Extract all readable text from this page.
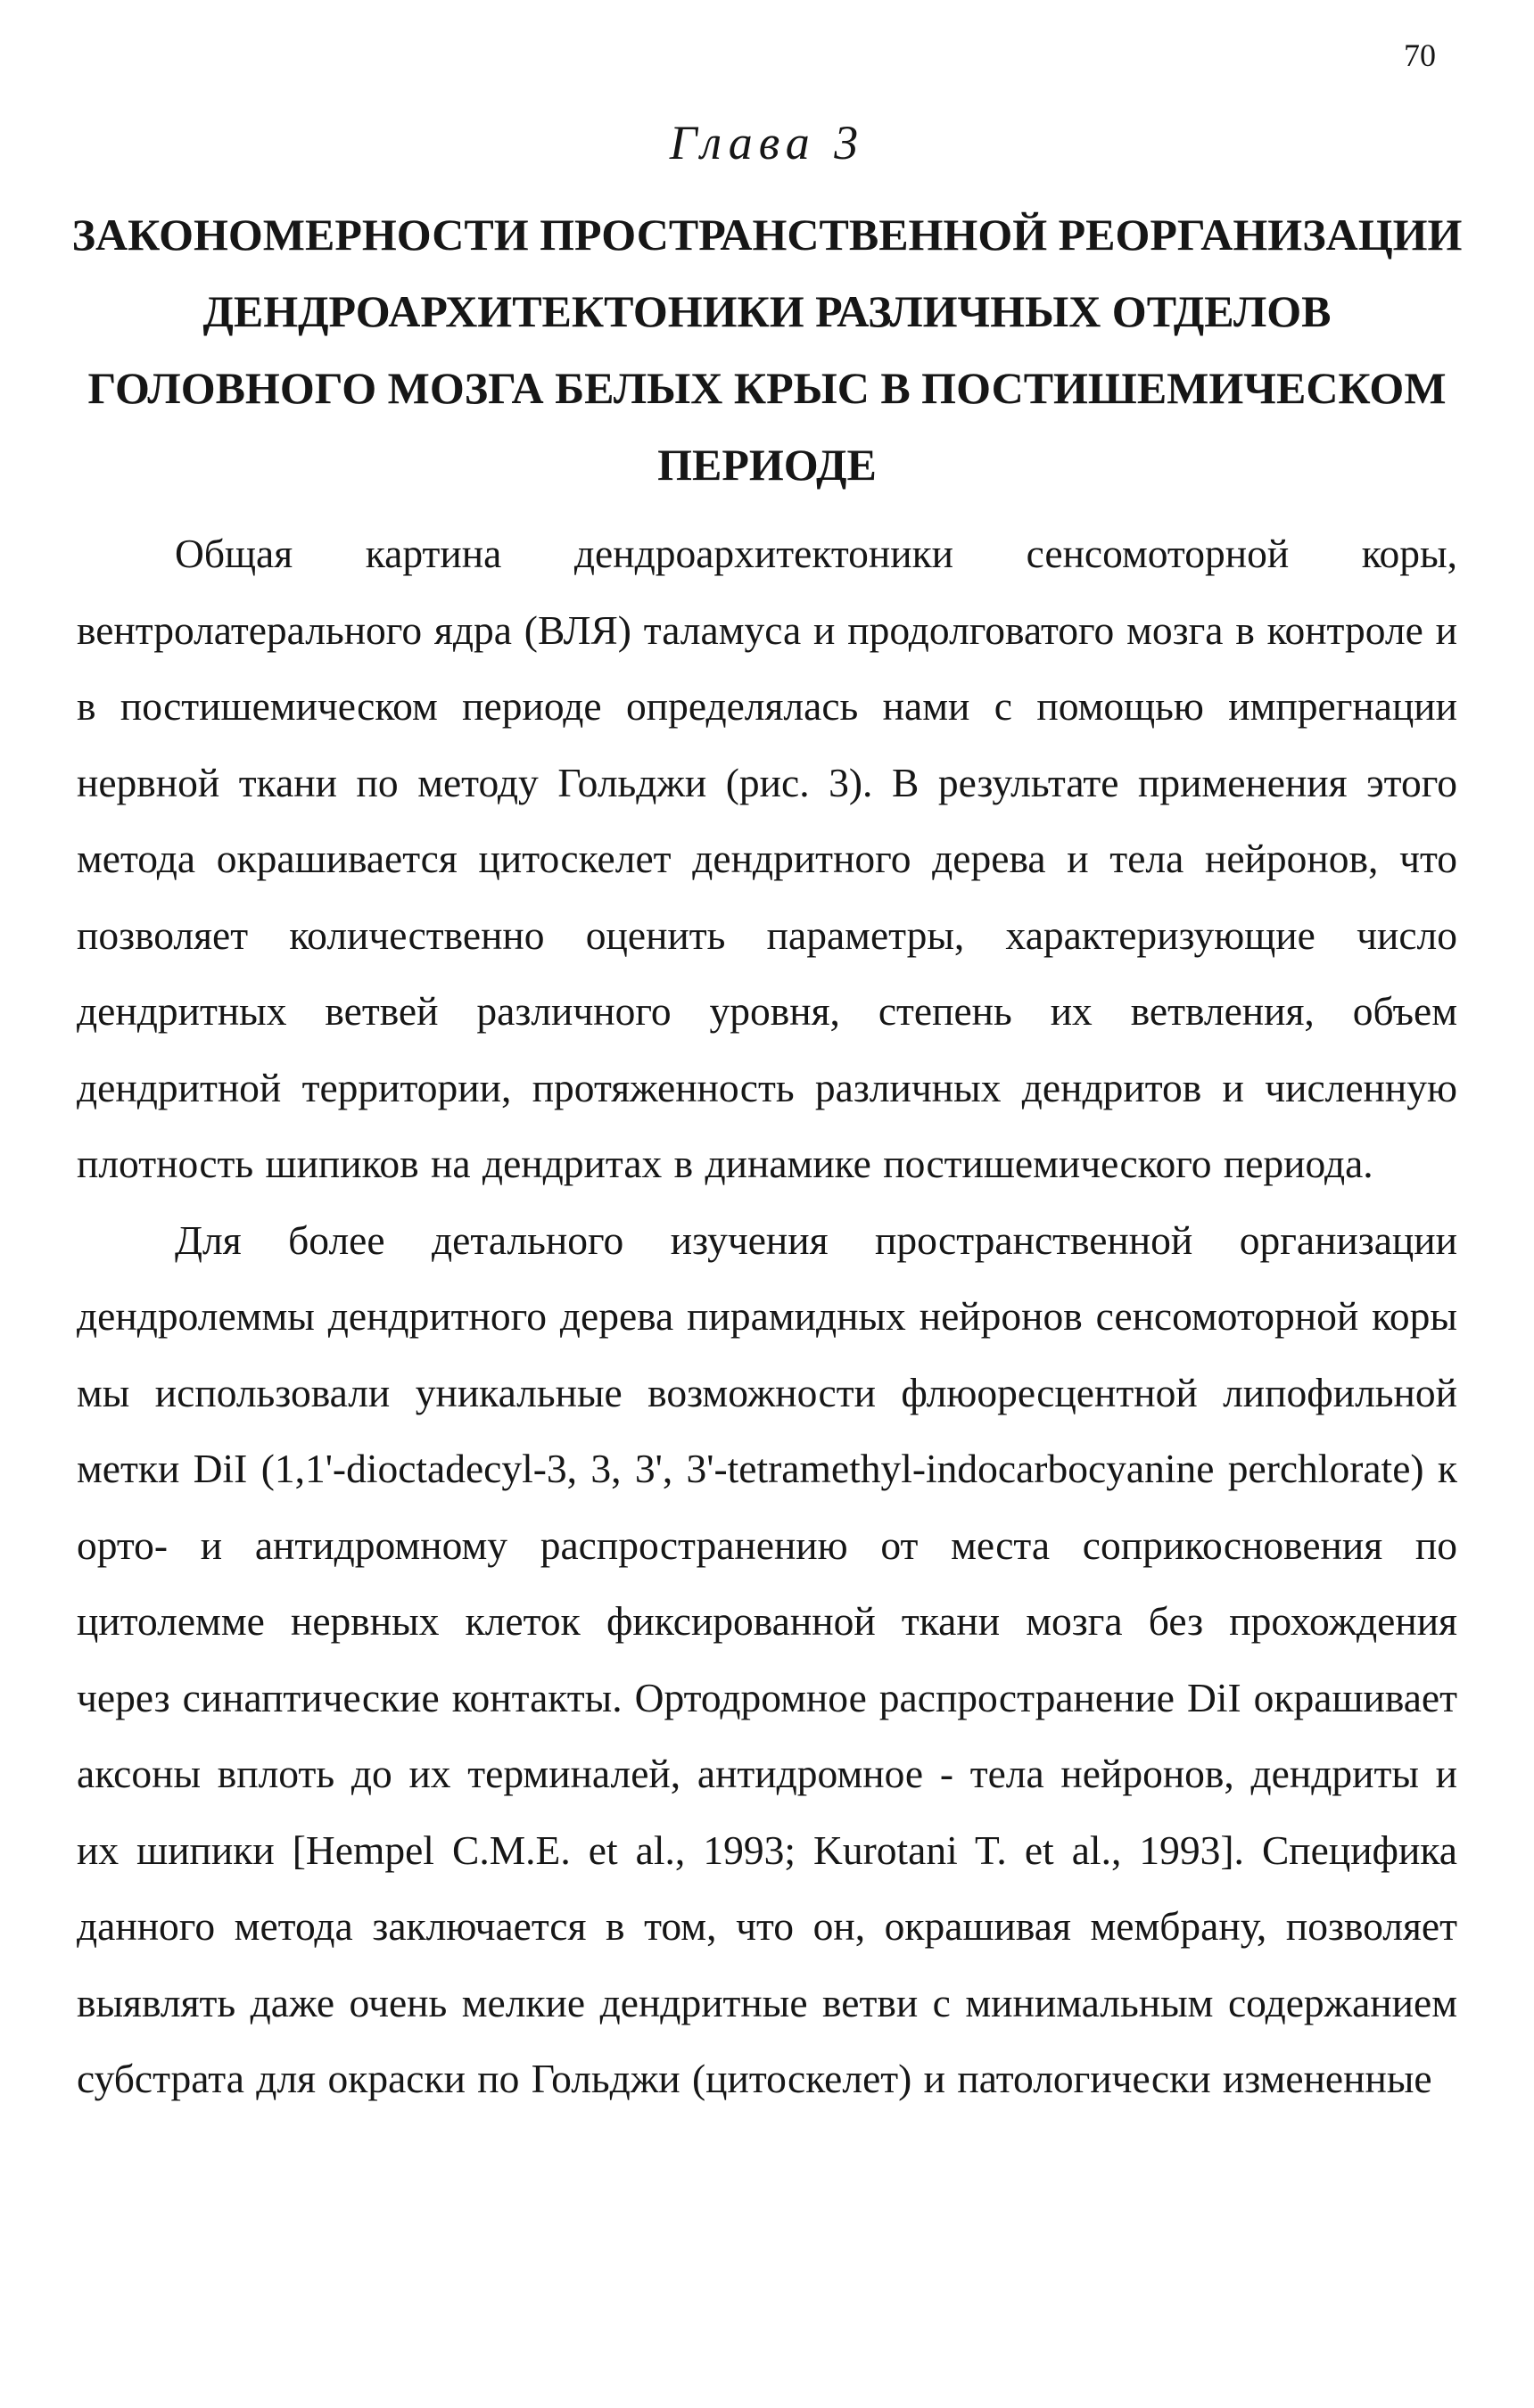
70
Глава 3
ЗАКОНОМЕРНОСТИ ПРОСТРАНСТВЕННОЙ РЕОРГАНИЗАЦИИ ДЕНДРОАРХИТЕКТОНИКИ РАЗЛИЧНЫХ ОТДЕЛОВ ГОЛОВНОГО МОЗГА БЕЛЫХ КРЫС В ПОСТИШЕМИЧЕСКОМ ПЕРИОДЕ

Общая картина дендроархитектоники сенсомоторной коры, вентролатерального ядра (ВЛЯ) таламуса и продолговатого мозга в контроле и в постишемическом периоде определялась нами с помощью импрегнации нервной ткани по методу Гольджи (рис. 3). В результате применения этого метода окрашивается цитоскелет дендритного дерева и тела нейронов, что позволяет количественно оценить параметры, характеризующие число дендритных ветвей различного уровня, степень их ветвления, объем дендритной территории, протяженность различных дендритов и численную плотность шипиков на дендритах в динамике постишемического периода.

Для более детального изучения пространственной организации дендролеммы дендритного дерева пирамидных нейронов сенсомоторной коры мы использовали уникальные возможности флюоресцентной липофильной метки DiI (1,1'-dioctadecyl-3, 3, 3', 3'-tetramethyl-indocarbocyanine perchlorate) к орто- и антидромному распространению от места соприкосновения по цитолемме нервных клеток фиксированной ткани мозга без прохождения через синаптические контакты. Ортодромное распространение DiI окрашивает аксоны вплоть до их терминалей, антидромное - тела нейронов, дендриты и их шипики [Hempel C.M.E. et al., 1993; Kurotani T. et al., 1993]. Специфика данного метода заключается в том, что он, окрашивая мембрану, позволяет выявлять даже очень мелкие дендритные ветви с минимальным содержанием субстрата для окраски по Гольджи (цитоскелет) и патологически измененные
